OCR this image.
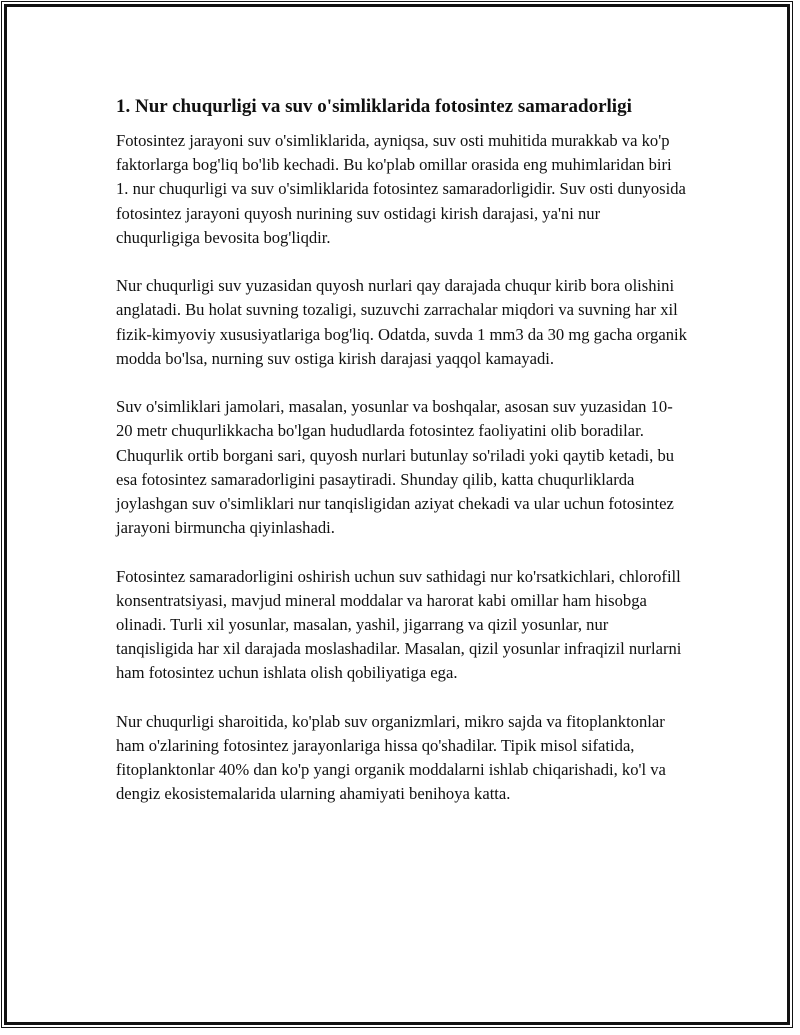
1. Nur chuqurligi va suv o'simliklarida fotosintez samaradorligi

Fotosintez jarayoni suv o'simliklarida, ayniqsa, suv osti muhitida murakkab va ko'p faktorlarga bog'liq bo'lib kechadi. Bu ko'plab omillar orasida eng muhimlaridan biri 1. nur chuqurligi va suv o'simliklarida fotosintez samaradorligidir. Suv osti dunyosida fotosintez jarayoni quyosh nurining suv ostidagi kirish darajasi, ya'ni nur chuqurligiga bevosita bog'liqdir.

Nur chuqurligi suv yuzasidan quyosh nurlari qay darajada chuqur kirib bora olishini anglatadi. Bu holat suvning tozaligi, suzuvchi zarrachalar miqdori va suvning har xil fizik-kimyoviy xususiyatlariga bog'liq. Odatda, suvda 1 mm3 da 30 mg gacha organik modda bo'lsa, nurning suv ostiga kirish darajasi yaqqol kamayadi.

Suv o'simliklari jamolari, masalan, yosunlar va boshqalar, asosan suv yuzasidan 10-20 metr chuqurlikkacha bo'lgan hududlarda fotosintez faoliyatini olib boradilar. Chuqurlik ortib borgani sari, quyosh nurlari butunlay so'riladi yoki qaytib ketadi, bu esa fotosintez samaradorligini pasaytiradi. Shunday qilib, katta chuqurliklarda joylashgan suv o'simliklari nur tanqisligidan aziyat chekadi va ular uchun fotosintez jarayoni birmuncha qiyinlashadi.

Fotosintez samaradorligini oshirish uchun suv sathidagi nur ko'rsatkichlari, chlorofill konsentratsiyasi, mavjud mineral moddalar va harorat kabi omillar ham hisobga olinadi. Turli xil yosunlar, masalan, yashil, jigarrang va qizil yosunlar, nur tanqisligida har xil darajada moslashadilar. Masalan, qizil yosunlar infraqizil nurlarni ham fotosintez uchun ishlata olish qobiliyatiga ega.

Nur chuqurligi sharoitida, ko'plab suv organizmlari, mikro sajda va fitoplanktonlar ham o'zlarining fotosintez jarayonlariga hissa qo'shadilar. Tipik misol sifatida, fitoplanktonlar 40% dan ko'p yangi organik moddalarni ishlab chiqarishadi, ko'l va dengiz ekosistemalarida ularning ahamiyati benihoya katta.
